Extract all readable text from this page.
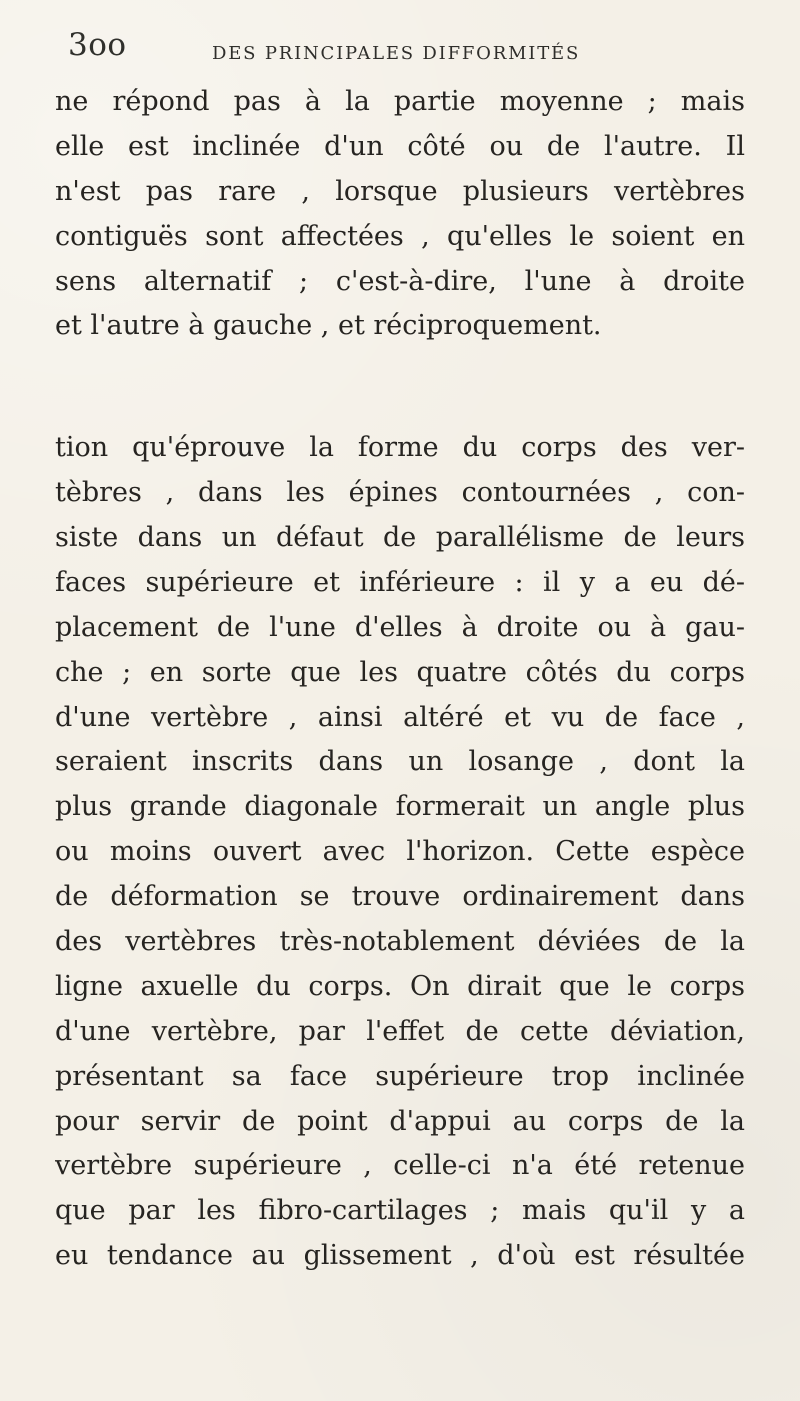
3oo	DES PRINCIPALES DIFFORMITÉS
ne répond pas à la partie moyenne ; mais
elle est inclinée d'un côté ou de l'autre. Il
n'est pas rare , lorsque plusieurs vertèbres
contiguës sont affectées , qu'elles le soient en
sens alternatif ; c'est-à-dire, l'une à droite
et l'autre à gauche , et réciproquement.

tion qu'éprouve la forme du corps des ver-
tèbres , dans les épines contournées , con-
siste dans un défaut de parallélisme de leurs
faces supérieure et inférieure : il y a eu dé-
placement de l'une d'elles à droite ou à gau-
che ; en sorte que les quatre côtés du corps
d'une vertèbre , ainsi altéré et vu de face ,
seraient inscrits dans un losange , dont la
plus grande diagonale formerait un angle plus
ou moins ouvert avec l'horizon. Cette espèce
de déformation se trouve ordinairement dans
des vertèbres très-notablement déviées de la
ligne axuelle du corps. On dirait que le corps
d'une vertèbre, par l'effet de cette déviation,
présentant sa face supérieure trop inclinée
pour servir de point d'appui au corps de la
vertèbre supérieure , celle-ci n'a été retenue
que par les fibro-cartilages ; mais qu'il y a
eu tendance au glissement , d'où est résultée
